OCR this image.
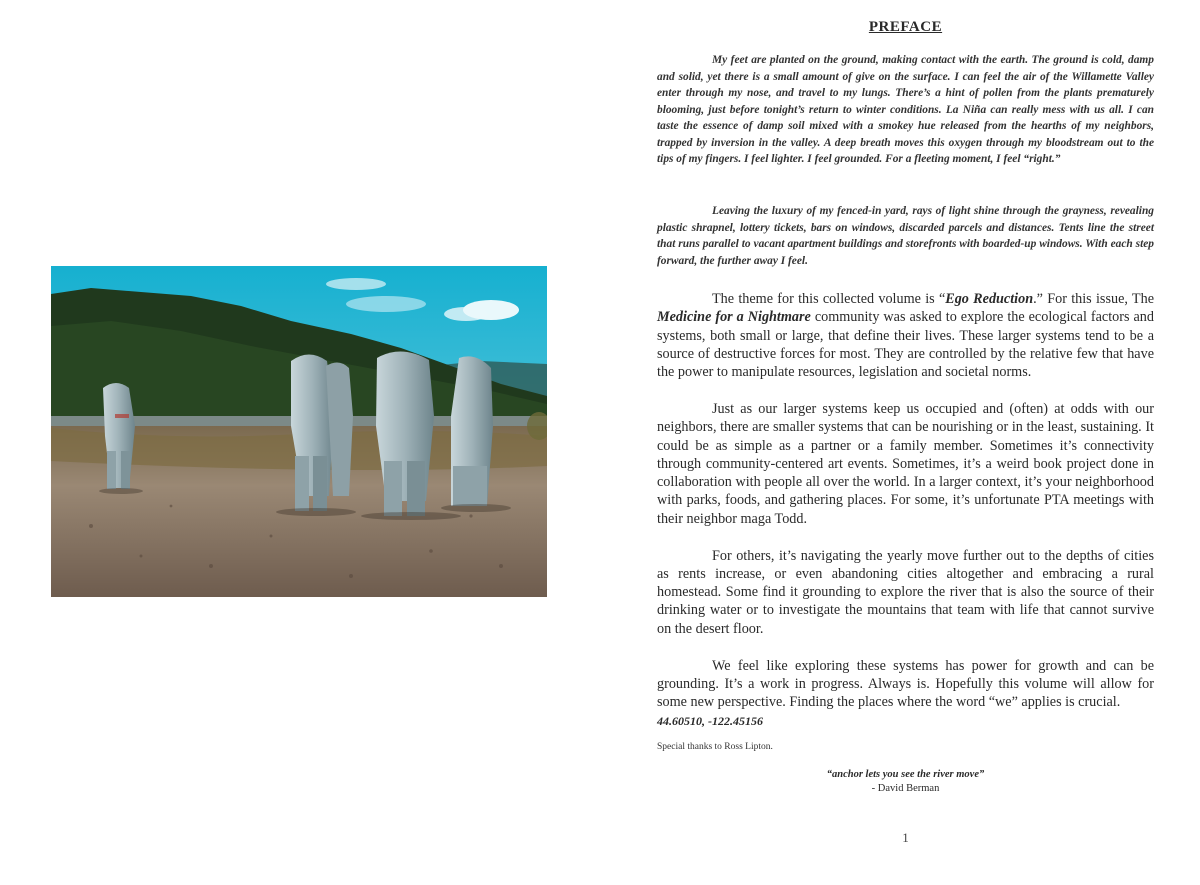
PREFACE

My feet are planted on the ground, making contact with the earth. The ground is cold, damp and solid, yet there is a small amount of give on the surface. I can feel the air of the Willamette Valley enter through my nose, and travel to my lungs. There’s a hint of pollen from the plants prematurely blooming, just before tonight’s return to winter conditions. La Niña can really mess with us all. I can taste the essence of damp soil mixed with a smokey hue released from the hearths of my neighbors, trapped by inversion in the valley. A deep breath moves this oxygen through my bloodstream out to the tips of my fingers. I feel lighter. I feel grounded. For a fleeting moment, I feel “right.”

Leaving the luxury of my fenced-in yard, rays of light shine through the grayness, revealing plastic shrapnel, lottery tickets, bars on windows, discarded parcels and distances. Tents line the street that runs parallel to vacant apartment buildings and storefronts with boarded-up windows. With each step forward, the further away I feel.

The theme for this collected volume is “Ego Reduction.” For this issue, The Medicine for a Nightmare community was asked to explore the ecological factors and systems, both small or large, that define their lives. These larger systems tend to be a source of destructive forces for most. They are controlled by the relative few that have the power to manipulate resources, legislation and societal norms.

Just as our larger systems keep us occupied and (often) at odds with our neighbors, there are smaller systems that can be nourishing or in the least, sustaining. It could be as simple as a partner or a family member. Sometimes it’s connectivity through community-centered art events. Sometimes, it’s a weird book project done in collaboration with people all over the world. In a larger context, it’s your neighborhood with parks, foods, and gathering places. For some, it’s unfortunate PTA meetings with their neighbor maga Todd.

For others, it’s navigating the yearly move further out to the depths of cities as rents increase, or even abandoning cities altogether and embracing a rural homestead. Some find it grounding to explore the river that is also the source of their drinking water or to investigate the mountains that team with life that cannot survive on the desert floor.

We feel like exploring these systems has power for growth and can be grounding. It’s a work in progress. Always is. Hopefully this volume will allow for some new perspective. Finding the places where the word “we” applies is crucial.

44.60510, -122.45156
Special thanks to Ross Lipton.
“anchor lets you see the river move”
- David Berman
1
